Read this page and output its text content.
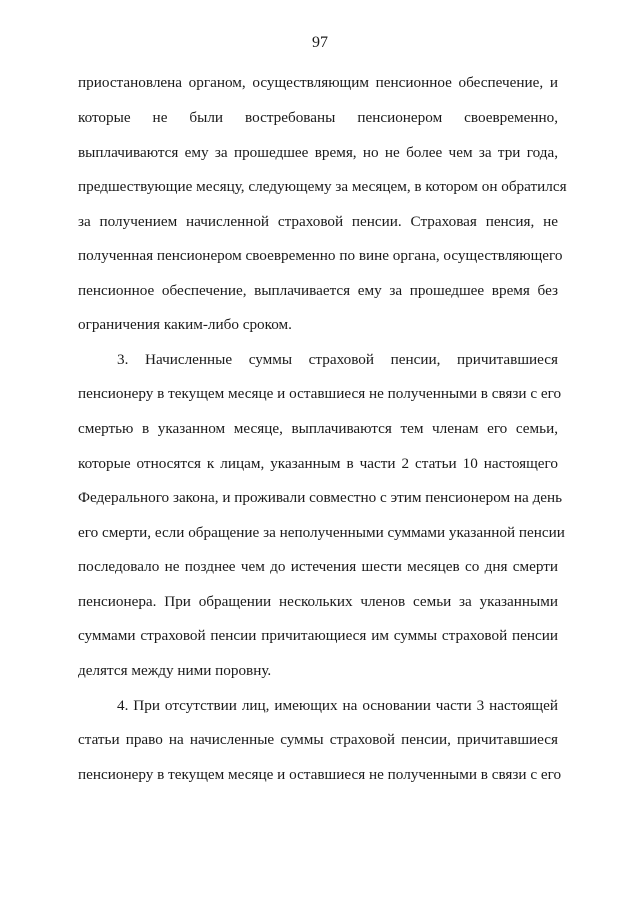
97
приостановлена органом, осуществляющим пенсионное обеспечение, и
которые не были востребованы пенсионером своевременно,
выплачиваются ему за прошедшее время, но не более чем за три года,
предшествующие месяцу, следующему за месяцем, в котором он обратился
за получением начисленной страховой пенсии. Страховая пенсия, не
полученная пенсионером своевременно по вине органа, осуществляющего
пенсионное обеспечение, выплачивается ему за прошедшее время без
ограничения каким-либо сроком.
3. Начисленные суммы страховой пенсии, причитавшиеся
пенсионеру в текущем месяце и оставшиеся не полученными в связи с его
смертью в указанном месяце, выплачиваются тем членам его семьи,
которые относятся к лицам, указанным в части 2 статьи 10 настоящего
Федерального закона, и проживали совместно с этим пенсионером на день
его смерти, если обращение за неполученными суммами указанной пенсии
последовало не позднее чем до истечения шести месяцев со дня смерти
пенсионера. При обращении нескольких членов семьи за указанными
суммами страховой пенсии причитающиеся им суммы страховой пенсии
делятся между ними поровну.
4. При отсутствии лиц, имеющих на основании части 3 настоящей
статьи право на начисленные суммы страховой пенсии, причитавшиеся
пенсионеру в текущем месяце и оставшиеся не полученными в связи с его
